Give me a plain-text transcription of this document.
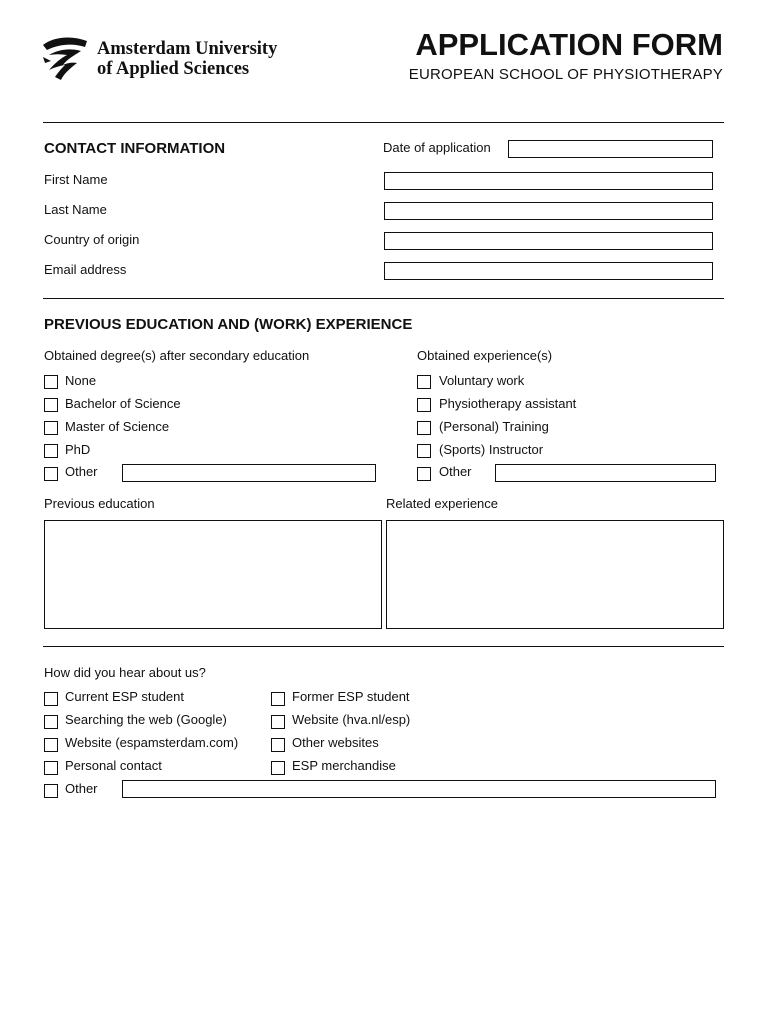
Amsterdam University
of Applied Sciences
APPLICATION FORM
EUROPEAN SCHOOL OF PHYSIOTHERAPY
CONTACT INFORMATION	Date of application
First Name
Last Name
Country of origin
Email address
PREVIOUS EDUCATION AND (WORK) EXPERIENCE
Obtained degree(s) after secondary education	Obtained experience(s)
None
Bachelor of Science
Master of Science
PhD
Other
Voluntary work
Physiotherapy assistant
(Personal) Training
(Sports) Instructor
Other
Previous education	Related experience
How did you hear about us?
Current ESP student
Searching the web (Google)
Website (espamsterdam.com)
Personal contact
Other
Former ESP student
Website (hva.nl/esp)
Other websites
ESP merchandise
